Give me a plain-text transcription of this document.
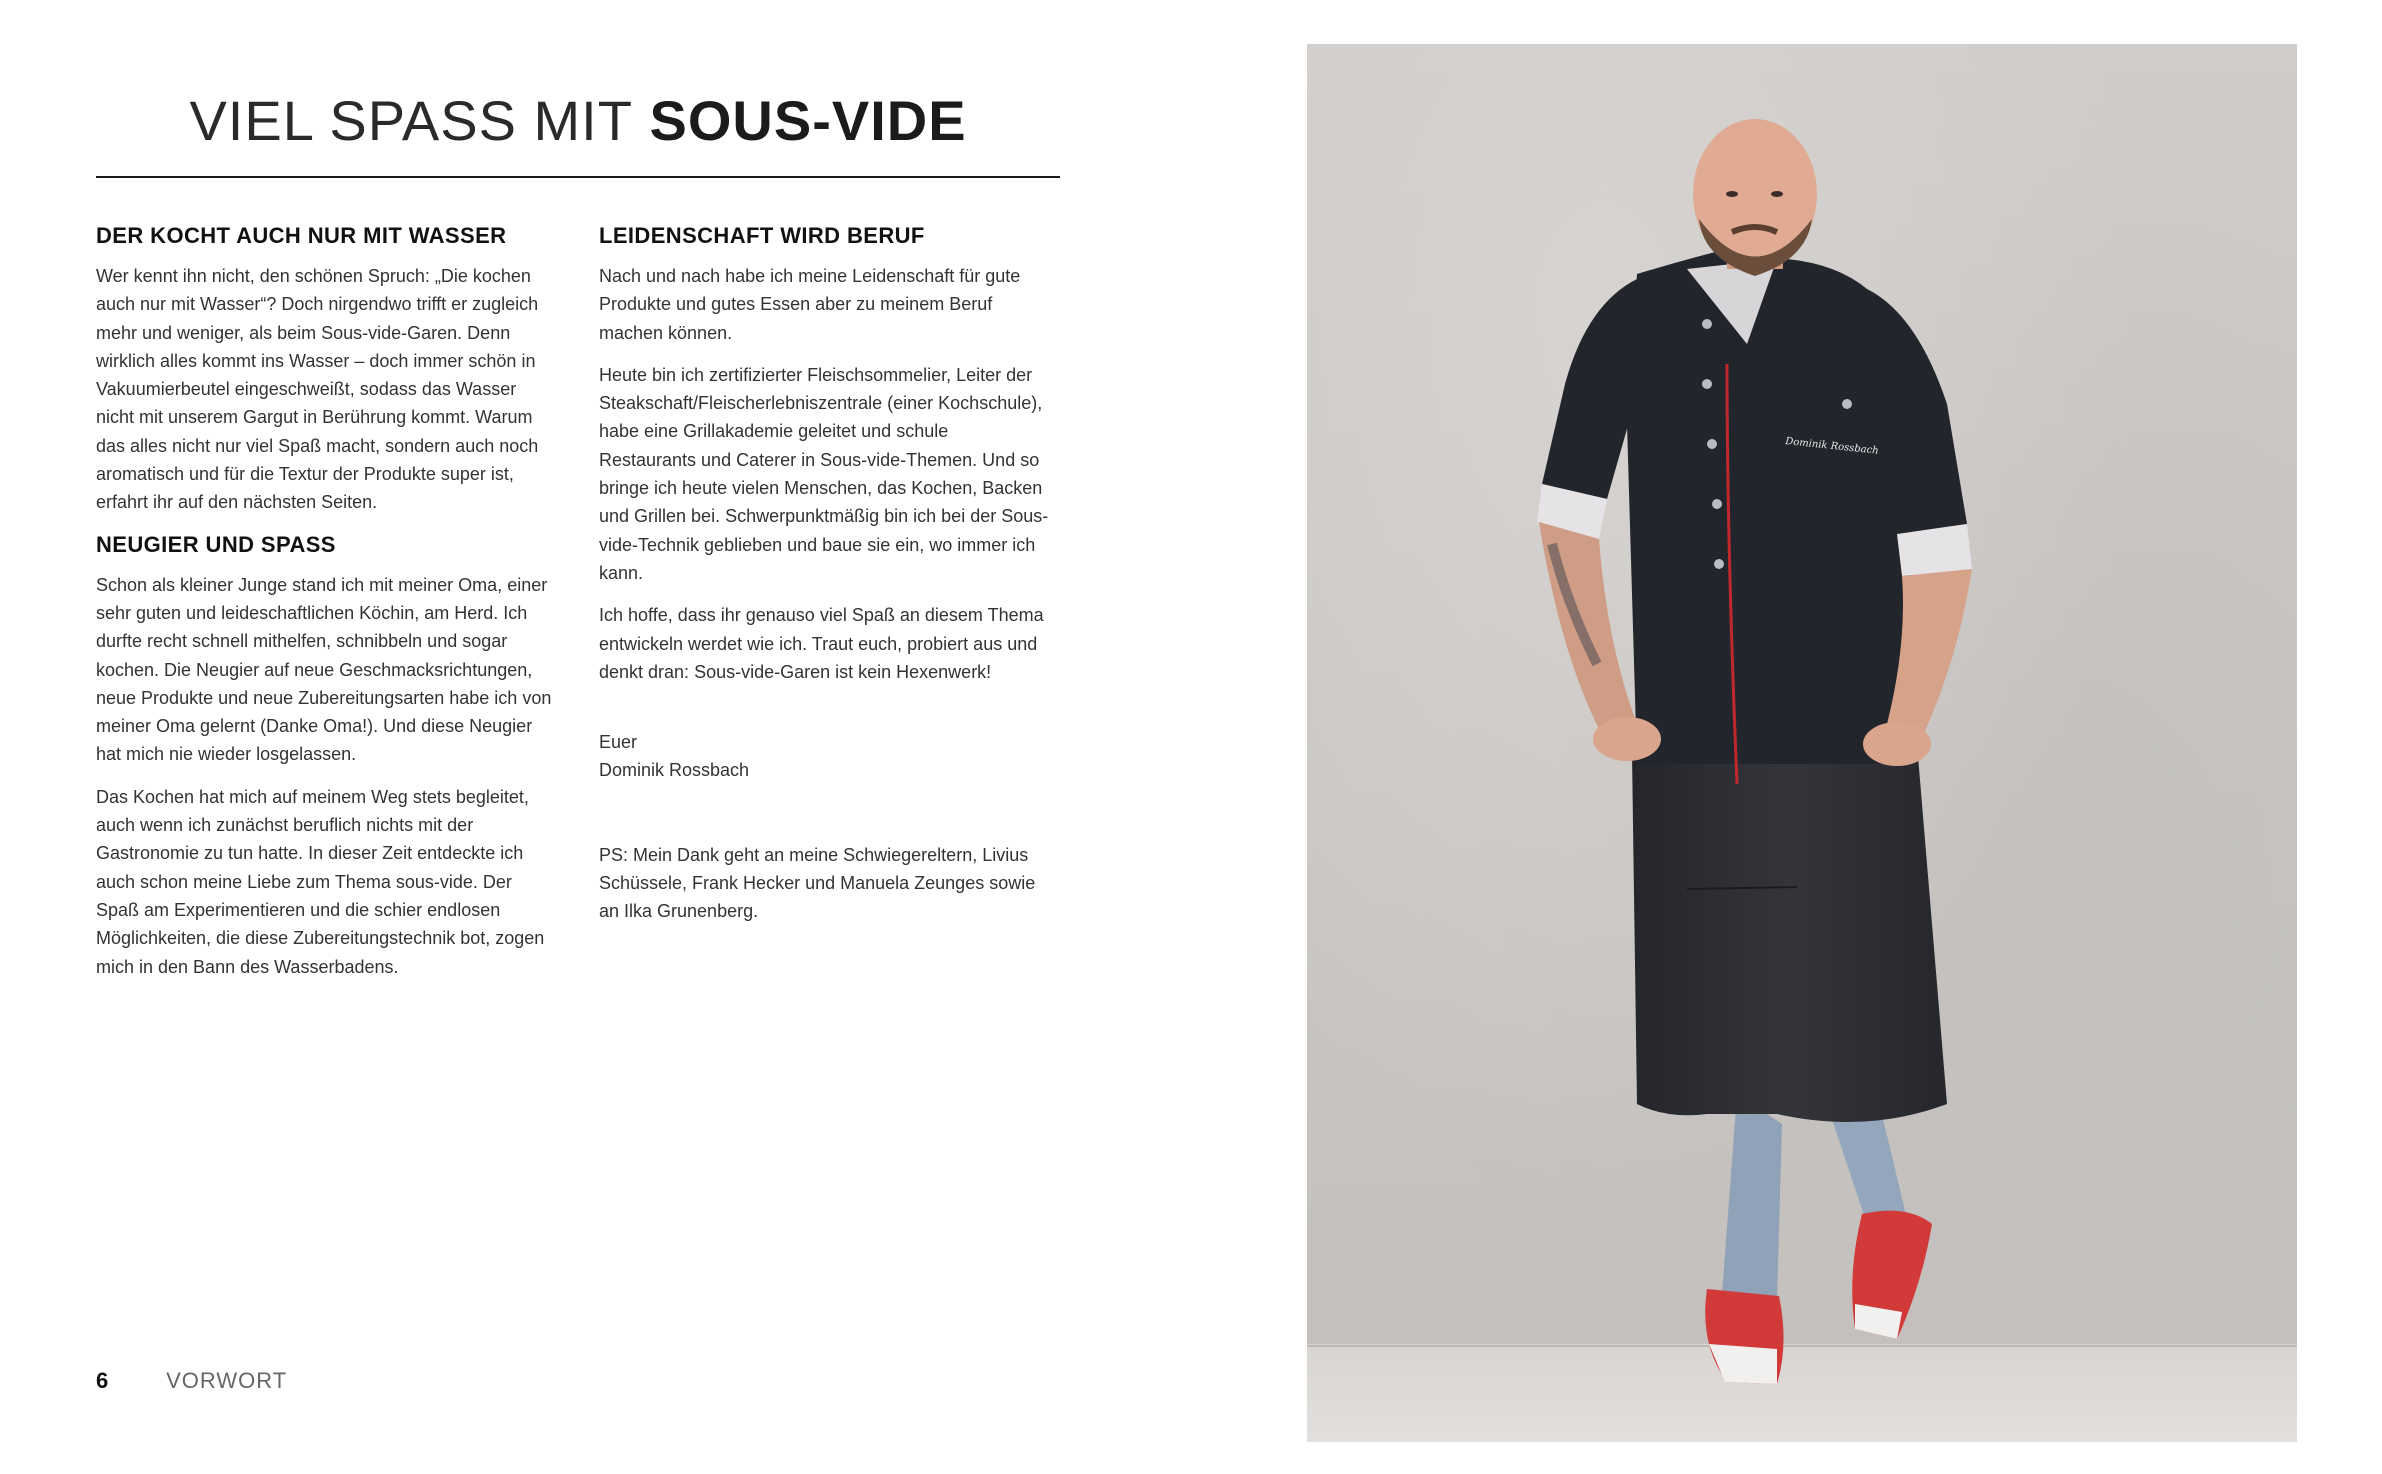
VIEL SPASS MIT SOUS-VIDE
DER KOCHT AUCH NUR MIT WASSER

Wer kennt ihn nicht, den schönen Spruch: „Die kochen auch nur mit Wasser“? Doch nirgendwo trifft er zugleich mehr und weniger, als beim Sous-vide-Garen. Denn wirklich alles kommt ins Wasser – doch immer schön in Vakuumierbeutel eingeschweißt, sodass das Wasser nicht mit unserem Gargut in Berührung kommt. Warum das alles nicht nur viel Spaß macht, sondern auch noch aromatisch und für die Textur der Produkte super ist, erfahrt ihr auf den nächsten Seiten.

NEUGIER UND SPASS

Schon als kleiner Junge stand ich mit meiner Oma, einer sehr guten und leideschaftlichen Köchin, am Herd. Ich durfte recht schnell mithelfen, schnibbeln und sogar kochen. Die Neugier auf neue Geschmacksrichtungen, neue Produkte und neue Zubereitungsarten habe ich von meiner Oma gelernt (Danke Oma!). Und diese Neugier hat mich nie wieder losgelassen.

Das Kochen hat mich auf meinem Weg stets begleitet, auch wenn ich zunächst beruflich nichts mit der Gastronomie zu tun hatte. In dieser Zeit entdeckte ich auch schon meine Liebe zum Thema sous-vide. Der Spaß am Experimentieren und die schier endlosen Möglichkeiten, die diese Zubereitungstechnik bot, zogen mich in den Bann des Wasserbadens.

LEIDENSCHAFT WIRD BERUF

Nach und nach habe ich meine Leidenschaft für gute Produkte und gutes Essen aber zu meinem Beruf machen können.

Heute bin ich zertifizierter Fleischsommelier, Leiter der Steakschaft/Fleischerlebniszentrale (einer Kochschule), habe eine Grillakademie geleitet und schule Restaurants und Caterer in Sous-vide-Themen. Und so bringe ich heute vielen Menschen, das Kochen, Backen und Grillen bei. Schwerpunktmäßig bin ich bei der Sous-vide-Technik geblieben und baue sie ein, wo immer ich kann.

Ich hoffe, dass ihr genauso viel Spaß an diesem Thema entwickeln werdet wie ich. Traut euch, probiert aus und denkt dran: Sous-vide-Garen ist kein Hexenwerk!

Euer
Dominik Rossbach

PS: Mein Dank geht an meine Schwiegereltern, Livius Schüssele, Frank Hecker und Manuela Zeunges sowie an Ilka Grunenberg.

6	VORWORT
Dominik Rossbach
